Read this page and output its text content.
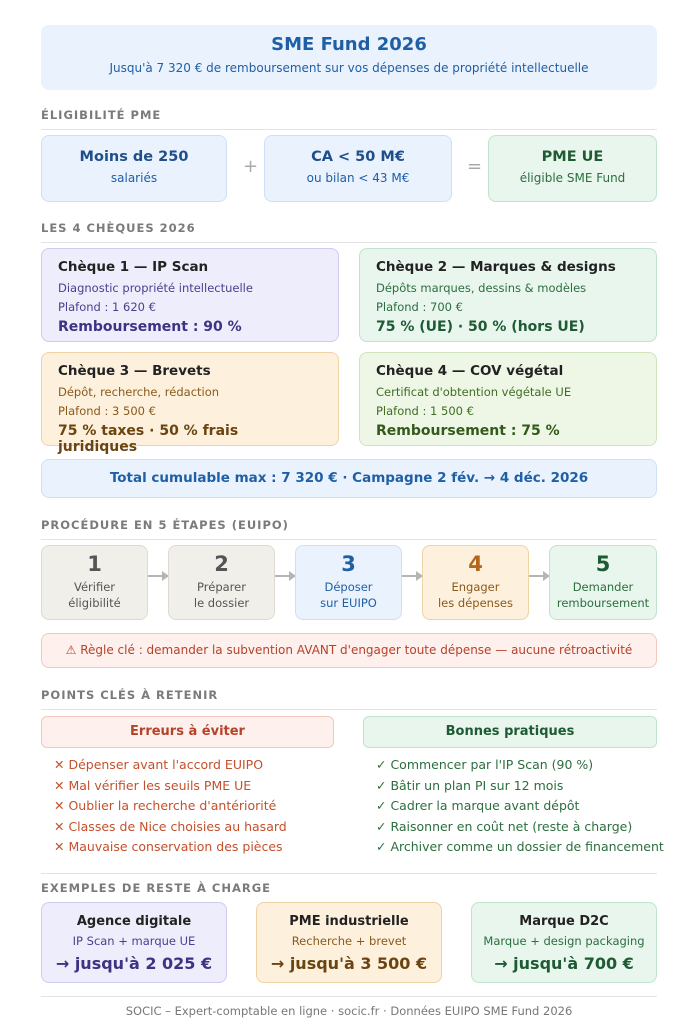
SME Fund 2026
Jusqu'à 7 320 € de remboursement sur vos dépenses de propriété intellectuelle
ÉLIGIBILITÉ PME
Moins de 250
salariés
+	CA < 50 M€
ou bilan < 43 M€
=	PME UE
éligible SME Fund
LES 4 CHÈQUES 2026
Chèque 1 — IP Scan
Diagnostic propriété intellectuelle
Plafond : 1 620 €
Remboursement : 90 %
Chèque 2 — Marques & designs
Dépôts marques, dessins & modèles
Plafond : 700 €
75 % (UE) · 50 % (hors UE)
Chèque 3 — Brevets
Dépôt, recherche, rédaction
Plafond : 3 500 €
75 % taxes · 50 % frais juridiques
Chèque 4 — COV végétal
Certificat d'obtention végétale UE
Plafond : 1 500 €
Remboursement : 75 %
Total cumulable max : 7 320 € · Campagne 2 fév. → 4 déc. 2026
PROCÉDURE EN 5 ÉTAPES (EUIPO)
1
Vérifier
éligibilité
2
Préparer
le dossier
3
Déposer
sur EUIPO
4
Engager
les dépenses
5
Demander
remboursement
⚠ Règle clé : demander la subvention AVANT d'engager toute dépense — aucune rétroactivité
POINTS CLÉS À RETENIR
Erreurs à éviter	Bonnes pratiques
✕ Dépenser avant l'accord EUIPO
✕ Mal vérifier les seuils PME UE
✕ Oublier la recherche d'antériorité
✕ Classes de Nice choisies au hasard
✕ Mauvaise conservation des pièces
✓ Commencer par l'IP Scan (90 %)
✓ Bâtir un plan PI sur 12 mois
✓ Cadrer la marque avant dépôt
✓ Raisonner en coût net (reste à charge)
✓ Archiver comme un dossier de financement
EXEMPLES DE RESTE À CHARGE
Agence digitale
IP Scan + marque UE
→ jusqu'à 2 025 €
PME industrielle
Recherche + brevet
→ jusqu'à 3 500 €
Marque D2C
Marque + design packaging
→ jusqu'à 700 €
SOCIC – Expert-comptable en ligne · socic.fr · Données EUIPO SME Fund 2026
